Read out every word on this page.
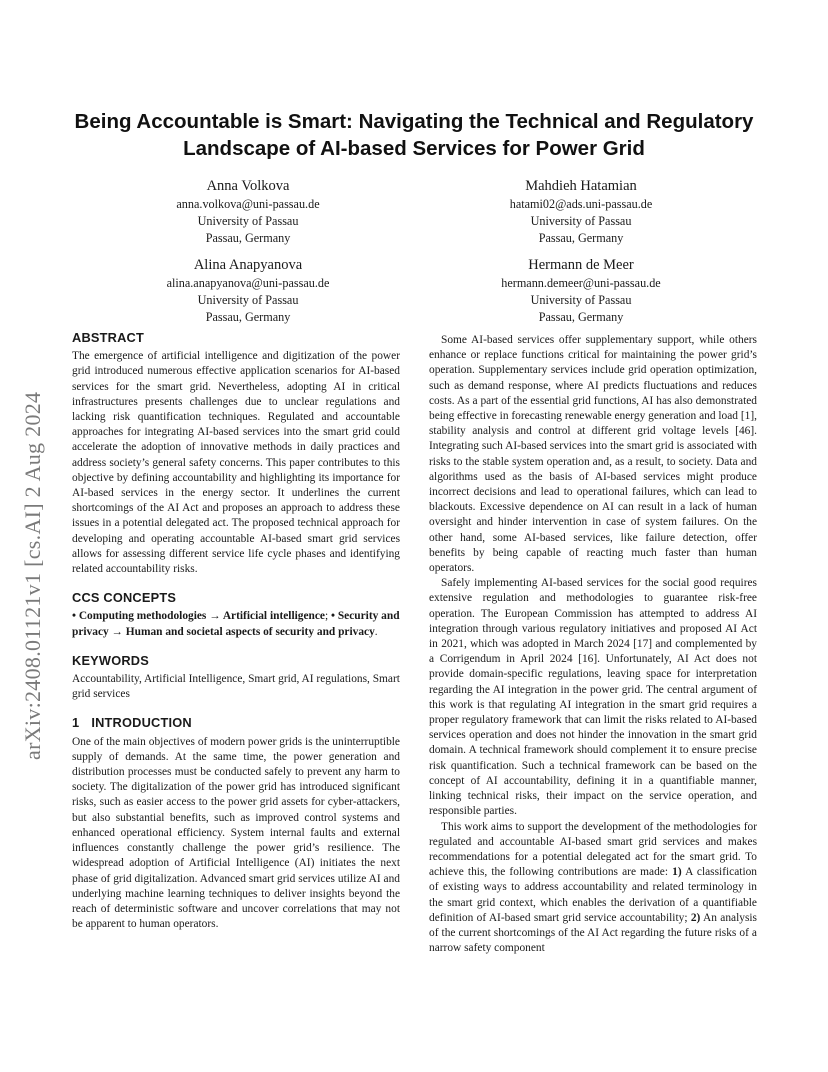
arXiv:2408.01121v1 [cs.AI] 2 Aug 2024
Being Accountable is Smart: Navigating the Technical and Regulatory Landscape of AI-based Services for Power Grid
Anna Volkova
anna.volkova@uni-passau.de
University of Passau
Passau, Germany
Mahdieh Hatamian
hatami02@ads.uni-passau.de
University of Passau
Passau, Germany
Alina Anapyanova
alina.anapyanova@uni-passau.de
University of Passau
Passau, Germany
Hermann de Meer
hermann.demeer@uni-passau.de
University of Passau
Passau, Germany
ABSTRACT

The emergence of artificial intelligence and digitization of the power grid introduced numerous effective application scenarios for AI-based services for the smart grid. Nevertheless, adopting AI in critical infrastructures presents challenges due to unclear regulations and lacking risk quantification techniques. Regulated and accountable approaches for integrating AI-based services into the smart grid could accelerate the adoption of innovative methods in daily practices and address society’s general safety concerns. This paper contributes to this objective by defining accountability and highlighting its importance for AI-based services in the energy sector. It underlines the current shortcomings of the AI Act and proposes an approach to address these issues in a potential delegated act. The proposed technical approach for developing and operating accountable AI-based smart grid services allows for assessing different service life cycle phases and identifying related accountability risks.

CCS CONCEPTS

• Computing methodologies → Artificial intelligence; • Security and privacy → Human and societal aspects of security and privacy.

KEYWORDS

Accountability, Artificial Intelligence, Smart grid, AI regulations, Smart grid services

1 INTRODUCTION

One of the main objectives of modern power grids is the uninterruptible supply of demands. At the same time, the power generation and distribution processes must be conducted safely to prevent any harm to society. The digitalization of the power grid has introduced significant risks, such as easier access to the power grid assets for cyber-attackers, but also substantial benefits, such as improved control systems and enhanced operational efficiency. System internal faults and external influences constantly challenge the power grid’s resilience. The widespread adoption of Artificial Intelligence (AI) initiates the next phase of grid digitalization. Advanced smart grid services utilize AI and underlying machine learning techniques to deliver insights beyond the reach of deterministic software and uncover correlations that may not be apparent to human operators.

Some AI-based services offer supplementary support, while others enhance or replace functions critical for maintaining the power grid’s operation. Supplementary services include grid operation optimization, such as demand response, where AI predicts fluctuations and reduces costs. As a part of the essential grid functions, AI has also demonstrated being effective in forecasting renewable energy generation and load [1], stability analysis and control at different grid voltage levels [46]. Integrating such AI-based services into the smart grid is associated with risks to the stable system operation and, as a result, to society. Data and algorithms used as the basis of AI-based services might produce incorrect decisions and lead to operational failures, which can lead to blackouts. Excessive dependence on AI can result in a lack of human oversight and hinder intervention in case of system failures. On the other hand, some AI-based services, like failure detection, offer benefits by being capable of reacting much faster than human operators.

Safely implementing AI-based services for the social good requires extensive regulation and methodologies to guarantee risk-free operation. The European Commission has attempted to address AI integration through various regulatory initiatives and proposed AI Act in 2021, which was adopted in March 2024 [17] and complemented by a Corrigendum in April 2024 [16]. Unfortunately, AI Act does not provide domain-specific regulations, leaving space for interpretation regarding the AI integration in the power grid. The central argument of this work is that regulating AI integration in the smart grid requires a proper regulatory framework that can limit the risks related to AI-based services operation and does not hinder the innovation in the smart grid domain. A technical framework should complement it to ensure precise risk quantification. Such a technical framework can be based on the concept of AI accountability, defining it in a quantifiable manner, linking technical risks, their impact on the service operation, and responsible parties.

This work aims to support the development of the methodologies for regulated and accountable AI-based smart grid services and makes recommendations for a potential delegated act for the smart grid. To achieve this, the following contributions are made: 1) A classification of existing ways to address accountability and related terminology in the smart grid context, which enables the derivation of a quantifiable definition of AI-based smart grid service accountability; 2) An analysis of the current shortcomings of the AI Act regarding the future risks of a narrow safety component
